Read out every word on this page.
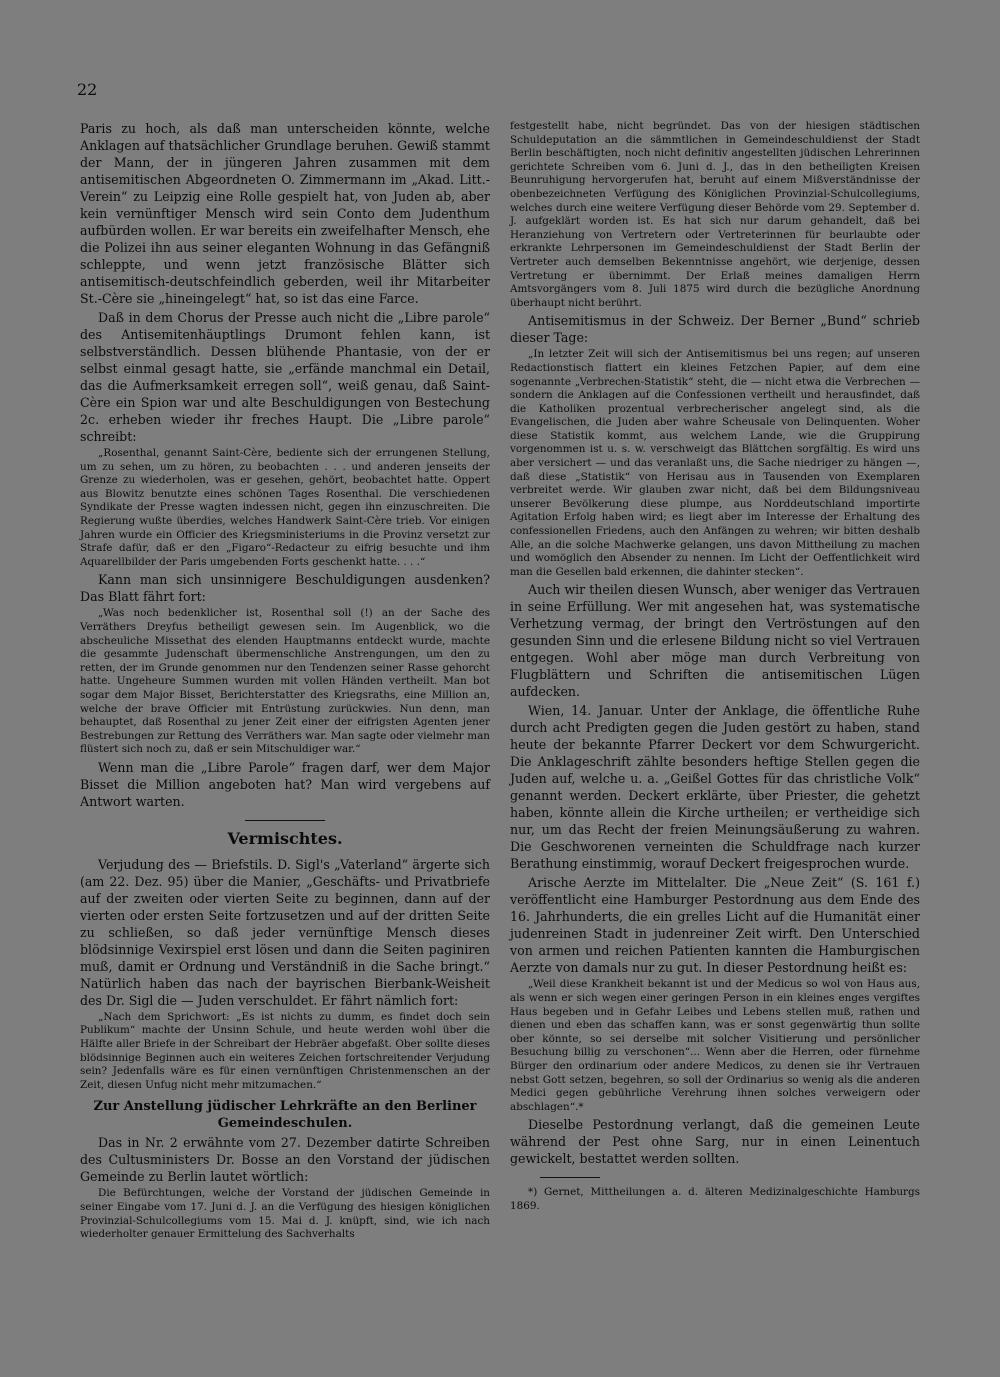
22

Paris zu hoch, als daß man unterscheiden könnte, welche Anklagen auf thatsächlicher Grundlage beruhen. Gewiß stammt der Mann, der in jüngeren Jahren zusammen mit dem antisemitischen Abgeordneten O. Zimmermann im „Akad. Litt.-Verein“ zu Leipzig eine Rolle gespielt hat, von Juden ab, aber kein vernünftiger Mensch wird sein Conto dem Judenthum aufbürden wollen. Er war bereits ein zweifelhafter Mensch, ehe die Polizei ihn aus seiner eleganten Wohnung in das Gefängniß schleppte, und wenn jetzt französische Blätter sich antisemitisch-deutschfeindlich geberden, weil ihr Mitarbeiter St.-Cère sie „hineingelegt“ hat, so ist das eine Farce.

Daß in dem Chorus der Presse auch nicht die „Libre parole“ des Antisemitenhäuptlings Drumont fehlen kann, ist selbstverständlich. Dessen blühende Phantasie, von der er selbst einmal gesagt hatte, sie „erfände manchmal ein Detail, das die Aufmerksamkeit erregen soll“, weiß genau, daß Saint-Cère ein Spion war und alte Beschuldigungen von Bestechung 2c. erheben wieder ihr freches Haupt. Die „Libre parole“ schreibt:

„Rosenthal, genannt Saint-Cère, bediente sich der errungenen Stellung, um zu sehen, um zu hören, zu beobachten . . . und anderen jenseits der Grenze zu wiederholen, was er gesehen, gehört, beobachtet hatte. Oppert aus Blowitz benutzte eines schönen Tages Rosenthal. Die verschiedenen Syndikate der Presse wagten indessen nicht, gegen ihn einzuschreiten. Die Regierung wußte überdies, welches Handwerk Saint-Cère trieb. Vor einigen Jahren wurde ein Officier des Kriegsministeriums in die Provinz versetzt zur Strafe dafür, daß er den „Figaro“-Redacteur zu eifrig besuchte und ihm Aquarellbilder der Paris umgebenden Forts geschenkt hatte. . . .“

Kann man sich unsinnigere Beschuldigungen ausdenken? Das Blatt fährt fort:

„Was noch bedenklicher ist, Rosenthal soll (!) an der Sache des Verräthers Dreyfus betheiligt gewesen sein. Im Augenblick, wo die abscheuliche Missethat des elenden Hauptmanns entdeckt wurde, machte die gesammte Judenschaft übermenschliche Anstrengungen, um den zu retten, der im Grunde genommen nur den Tendenzen seiner Rasse gehorcht hatte. Ungeheure Summen wurden mit vollen Händen vertheilt. Man bot sogar dem Major Bisset, Berichterstatter des Kriegsraths, eine Million an, welche der brave Officier mit Entrüstung zurückwies. Nun denn, man behauptet, daß Rosenthal zu jener Zeit einer der eifrigsten Agenten jener Bestrebungen zur Rettung des Verräthers war. Man sagte oder vielmehr man flüstert sich noch zu, daß er sein Mitschuldiger war.“

Wenn man die „Libre Parole“ fragen darf, wer dem Major Bisset die Million angeboten hat? Man wird vergebens auf Antwort warten.

Vermischtes.

Verjudung des — Briefstils. D. Sigl's „Vaterland“ ärgerte sich (am 22. Dez. 95) über die Manier, „Geschäfts- und Privatbriefe auf der zweiten oder vierten Seite zu beginnen, dann auf der vierten oder ersten Seite fortzusetzen und auf der dritten Seite zu schließen, so daß jeder vernünftige Mensch dieses blödsinnige Vexirspiel erst lösen und dann die Seiten paginiren muß, damit er Ordnung und Verständniß in die Sache bringt.“ Natürlich haben das nach der bayrischen Bierbank-Weisheit des Dr. Sigl die — Juden verschuldet. Er fährt nämlich fort:

„Nach dem Sprichwort: „Es ist nichts zu dumm, es findet doch sein Publikum“ machte der Unsinn Schule, und heute werden wohl über die Hälfte aller Briefe in der Schreibart der Hebräer abgefaßt. Ober sollte dieses blödsinnige Beginnen auch ein weiteres Zeichen fortschreitender Verjudung sein? Jedenfalls wäre es für einen vernünftigen Christenmenschen an der Zeit, diesen Unfug nicht mehr mitzumachen.“

Zur Anstellung jüdischer Lehrkräfte an den Berliner Gemeindeschulen.

Das in Nr. 2 erwähnte vom 27. Dezember datirte Schreiben des Cultusministers Dr. Bosse an den Vorstand der jüdischen Gemeinde zu Berlin lautet wörtlich:

Die Befürchtungen, welche der Vorstand der jüdischen Gemeinde in seiner Eingabe vom 17. Juni d. J. an die Verfügung des hiesigen königlichen Provinzial-Schulcollegiums vom 15. Mai d. J. knüpft, sind, wie ich nach wiederholter genauer Ermittelung des Sachverhalts

festgestellt habe, nicht begründet. Das von der hiesigen städtischen Schuldeputation an die sämmtlichen in Gemeindeschuldienst der Stadt Berlin beschäftigten, noch nicht definitiv angestellten jüdischen Lehrerinnen gerichtete Schreiben vom 6. Juni d. J., das in den betheiligten Kreisen Beunruhigung hervorgerufen hat, beruht auf einem Mißverständnisse der obenbezeichneten Verfügung des Königlichen Provinzial-Schulcollegiums, welches durch eine weitere Verfügung dieser Behörde vom 29. September d. J. aufgeklärt worden ist. Es hat sich nur darum gehandelt, daß bei Heranziehung von Vertretern oder Vertreterinnen für beurlaubte oder erkrankte Lehrpersonen im Gemeindeschuldienst der Stadt Berlin der Vertreter auch demselben Bekenntnisse angehört, wie derjenige, dessen Vertretung er übernimmt. Der Erlaß meines damaligen Herrn Amtsvorgängers vom 8. Juli 1875 wird durch die bezügliche Anordnung überhaupt nicht berührt.

Antisemitismus in der Schweiz. Der Berner „Bund“ schrieb dieser Tage:

„In letzter Zeit will sich der Antisemitismus bei uns regen; auf unseren Redactionstisch flattert ein kleines Fetzchen Papier, auf dem eine sogenannte „Verbrechen-Statistik“ steht, die — nicht etwa die Verbrechen — sondern die Anklagen auf die Confessionen vertheilt und herausfindet, daß die Katholiken prozentual verbrecherischer angelegt sind, als die Evangelischen, die Juden aber wahre Scheusale von Delinquenten. Woher diese Statistik kommt, aus welchem Lande, wie die Gruppirung vorgenommen ist u. s. w. verschweigt das Blättchen sorgfältig. Es wird uns aber versichert — und das veranlaßt uns, die Sache niedriger zu hängen —, daß diese „Statistik“ von Herisau aus in Tausenden von Exemplaren verbreitet werde. Wir glauben zwar nicht, daß bei dem Bildungsniveau unserer Bevölkerung diese plumpe, aus Norddeutschland importirte Agitation Erfolg haben wird; es liegt aber im Interesse der Erhaltung des confessionellen Friedens, auch den Anfängen zu wehren; wir bitten deshalb Alle, an die solche Machwerke gelangen, uns davon Mittheilung zu machen und womöglich den Absender zu nennen. Im Licht der Oeffentlichkeit wird man die Gesellen bald erkennen, die dahinter stecken“.

Auch wir theilen diesen Wunsch, aber weniger das Vertrauen in seine Erfüllung. Wer mit angesehen hat, was systematische Verhetzung vermag, der bringt den Vertröstungen auf den gesunden Sinn und die erlesene Bildung nicht so viel Vertrauen entgegen. Wohl aber möge man durch Verbreitung von Flugblättern und Schriften die antisemitischen Lügen aufdecken.

Wien, 14. Januar. Unter der Anklage, die öffentliche Ruhe durch acht Predigten gegen die Juden gestört zu haben, stand heute der bekannte Pfarrer Deckert vor dem Schwurgericht. Die Anklageschrift zählte besonders heftige Stellen gegen die Juden auf, welche u. a. „Geißel Gottes für das christliche Volk“ genannt werden. Deckert erklärte, über Priester, die gehetzt haben, könnte allein die Kirche urtheilen; er vertheidige sich nur, um das Recht der freien Meinungsäußerung zu wahren. Die Geschworenen verneinten die Schuldfrage nach kurzer Berathung einstimmig, worauf Deckert freigesprochen wurde.

Arische Aerzte im Mittelalter. Die „Neue Zeit“ (S. 161 f.) veröffentlicht eine Hamburger Pestordnung aus dem Ende des 16. Jahrhunderts, die ein grelles Licht auf die Humanität einer judenreinen Stadt in judenreiner Zeit wirft. Den Unterschied von armen und reichen Patienten kannten die Hamburgischen Aerzte von damals nur zu gut. In dieser Pestordnung heißt es:

„Weil diese Krankheit bekannt ist und der Medicus so wol von Haus aus, als wenn er sich wegen einer geringen Person in ein kleines enges vergiftes Haus begeben und in Gefahr Leibes und Lebens stellen muß, rathen und dienen und eben das schaffen kann, was er sonst gegenwärtig thun sollte ober könnte, so sei derselbe mit solcher Visitierung und persönlicher Besuchung billig zu verschonen“... Wenn aber die Herren, oder fürnehme Bürger den ordinarium oder andere Medicos, zu denen sie ihr Vertrauen nebst Gott setzen, begehren, so soll der Ordinarius so wenig als die anderen Medici gegen gebührliche Verehrung ihnen solches verweigern oder abschlagen“.*

Dieselbe Pestordnung verlangt, daß die gemeinen Leute während der Pest ohne Sarg, nur in einen Leinentuch gewickelt, bestattet werden sollten.

*) Gernet, Mittheilungen a. d. älteren Medizinalgeschichte Hamburgs 1869.
